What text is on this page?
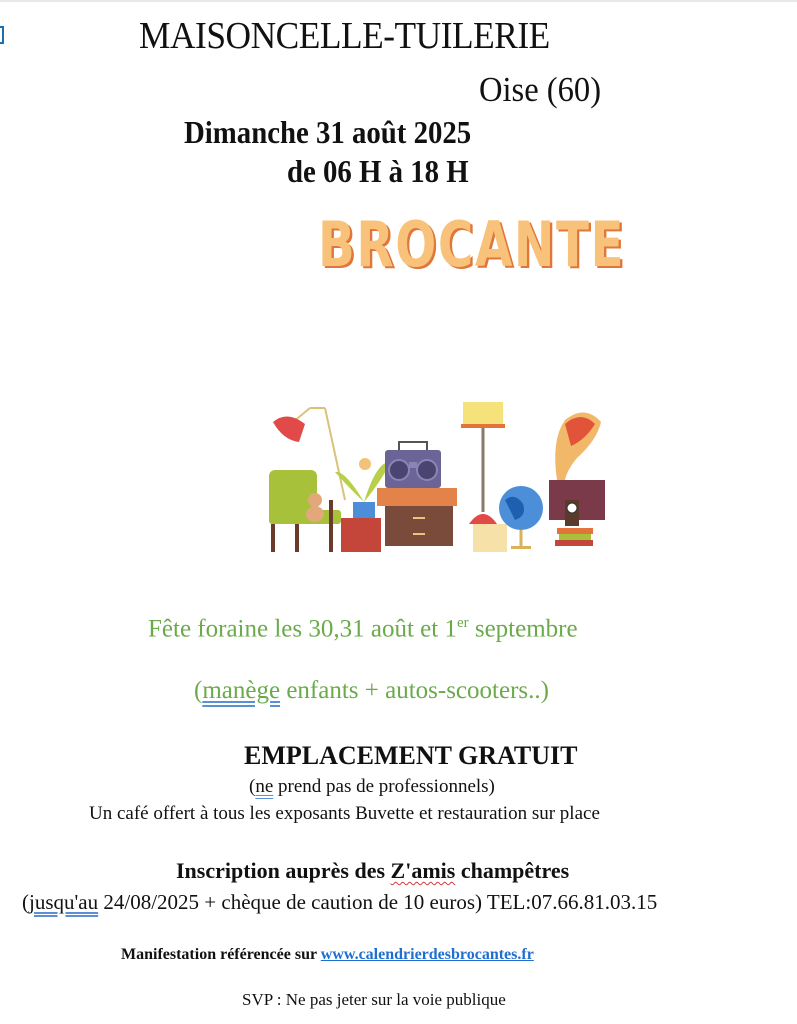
MAISONCELLE-TUILERIE
Oise (60)
Dimanche 31 août 2025
de 06 H à 18 H
BROCANTE
Fête foraine les 30,31 août et 1er septembre
(manège enfants + autos-scooters..)
EMPLACEMENT GRATUIT
(ne prend pas de professionnels)
Un café offert à tous les exposants Buvette et restauration sur place
Inscription auprès des Z'amis champêtres
(jusqu'au 24/08/2025 + chèque de caution de 10 euros) TEL:07.66.81.03.15
Manifestation référencée sur www.calendrierdesbrocantes.fr
SVP : Ne pas jeter sur la voie publique
